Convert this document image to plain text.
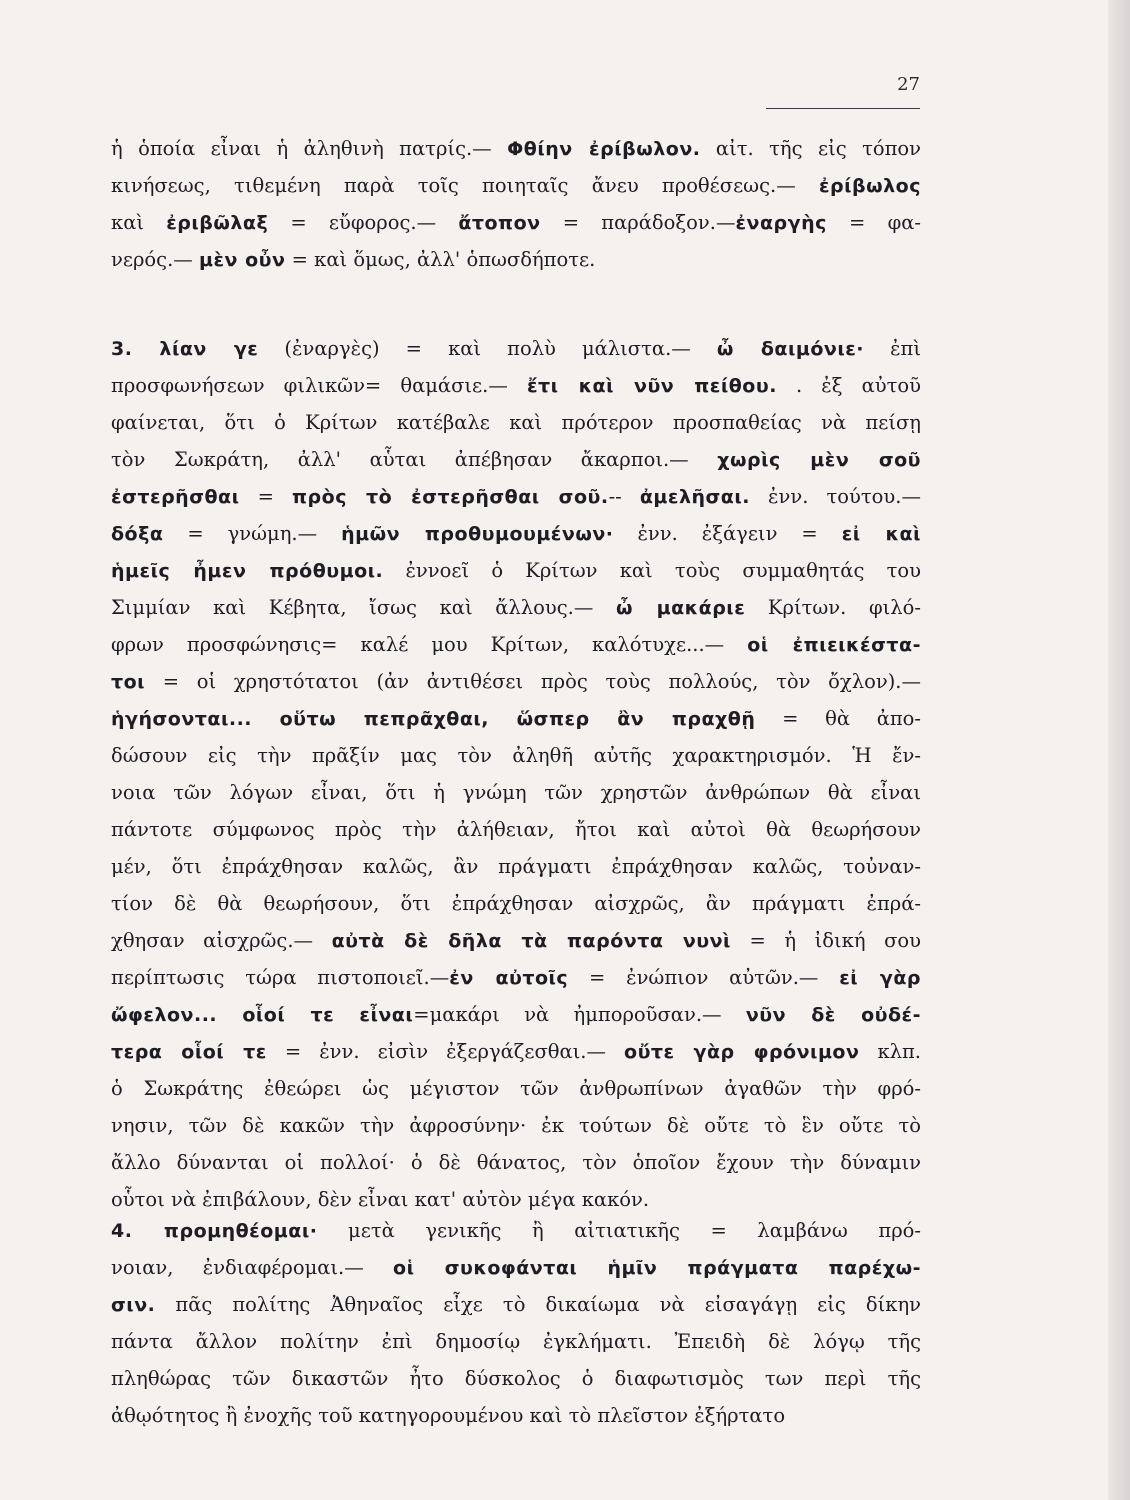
27
ἡ ὁποία εἶναι ἡ ἀληθινὴ πατρίς.— Φθίην ἐρίβωλον. αἰτ. τῆς εἰς τόπον
κινήσεως, τιθεμένη παρὰ τοῖς ποιηταῖς ἄνευ προθέσεως.— ἐρίβωλος
καὶ ἐριβῶλαξ = εὔφορος.— ἄτοπον = παράδοξον.—ἐναργὴς = φα-
νερός.— μὲν οὖν = καὶ ὅμως, ἀλλ' ὁπωσδήποτε.
3. λίαν γε (ἐναργὲς) = καὶ πολὺ μάλιστα.— ὦ δαιμόνιε· ἐπὶ
προσφωνήσεων φιλικῶν= θαμάσιε.— ἔτι καὶ νῦν πείθου. . ἐξ αὐτοῦ
φαίνεται, ὅτι ὁ Κρίτων κατέβαλε καὶ πρότερον προσπαθείας νὰ πείσῃ
τὸν Σωκράτη, ἀλλ' αὗται ἀπέβησαν ἄκαρποι.— χωρὶς μὲν σοῦ
ἐστερῆσθαι = πρὸς τὸ ἐστερῆσθαι σοῦ.-- ἀμελῆσαι. ἐνν. τούτου.—
δόξα = γνώμη.— ἡμῶν προθυμουμένων· ἐνν. ἐξάγειν = εἰ καὶ
ἡμεῖς ἦμεν πρόθυμοι. ἐννοεῖ ὁ Κρίτων καὶ τοὺς συμμαθητάς του
Σιμμίαν καὶ Κέβητα, ἴσως καὶ ἄλλους.— ὦ μακάριε Κρίτων. φιλό-
φρων προσφώνησις= καλέ μου Κρίτων, καλότυχε...— οἱ ἐπιεικέστα-
τοι = οἱ χρηστότατοι (ἀν ἀντιθέσει πρὸς τοὺς πολλούς, τὸν ὄχλον).—
ἡγήσονται... οὕτω πεπρᾶχθαι, ὥσπερ ἂν πραχθῇ = θὰ ἀπο-
δώσουν εἰς τὴν πρᾶξίν μας τὸν ἀληθῆ αὐτῆς χαρακτηρισμόν. Ἡ ἔν-
νοια τῶν λόγων εἶναι, ὅτι ἡ γνώμη τῶν χρηστῶν ἀνθρώπων θὰ εἶναι
πάντοτε σύμφωνος πρὸς τὴν ἀλήθειαν, ἤτοι καὶ αὐτοὶ θὰ θεωρήσουν
μέν, ὅτι ἐπράχθησαν καλῶς, ἂν πράγματι ἐπράχθησαν καλῶς, τοὐναν-
τίον δὲ θὰ θεωρήσουν, ὅτι ἐπράχθησαν αἰσχρῶς, ἂν πράγματι ἐπρά-
χθησαν αἰσχρῶς.— αὐτὰ δὲ δῆλα τὰ παρόντα νυνὶ = ἡ ἰδική σου
περίπτωσις τώρα πιστοποιεῖ.—ἐν αὐτοῖς = ἐνώπιον αὐτῶν.— εἰ γὰρ
ὤφελον... οἷοί τε εἶναι=μακάρι νὰ ἠμποροῦσαν.— νῦν δὲ οὐδέ-
τερα οἷοί τε = ἐνν. εἰσὶν ἐξεργάζεσθαι.— οὔτε γὰρ φρόνιμον κλπ.
ὁ Σωκράτης ἐθεώρει ὡς μέγιστον τῶν ἀνθρωπίνων ἀγαθῶν τὴν φρό-
νησιν, τῶν δὲ κακῶν τὴν ἀφροσύνην· ἐκ τούτων δὲ οὔτε τὸ ἓν οὔτε τὸ
ἄλλο δύνανται οἱ πολλοί· ὁ δὲ θάνατος, τὸν ὁποῖον ἔχουν τὴν δύναμιν
οὗτοι νὰ ἐπιβάλουν, δὲν εἶναι κατ' αὐτὸν μέγα κακόν.
4. προμηθέομαι· μετὰ γενικῆς ἢ αἰτιατικῆς = λαμβάνω πρό-
νοιαν, ἐνδιαφέρομαι.— οἱ συκοφάνται ἡμῖν πράγματα παρέχω-
σιν. πᾶς πολίτης Ἀθηναῖος εἶχε τὸ δικαίωμα νὰ εἰσαγάγῃ εἰς δίκην
πάντα ἄλλον πολίτην ἐπὶ δημοσίῳ ἐγκλήματι. Ἐπειδὴ δὲ λόγῳ τῆς
πληθώρας τῶν δικαστῶν ἦτο δύσκολος ὁ διαφωτισμὸς των περὶ τῆς
ἀθῳότητος ἢ ἐνοχῆς τοῦ κατηγορουμένου καὶ τὸ πλεῖστον ἐξήρτατο
